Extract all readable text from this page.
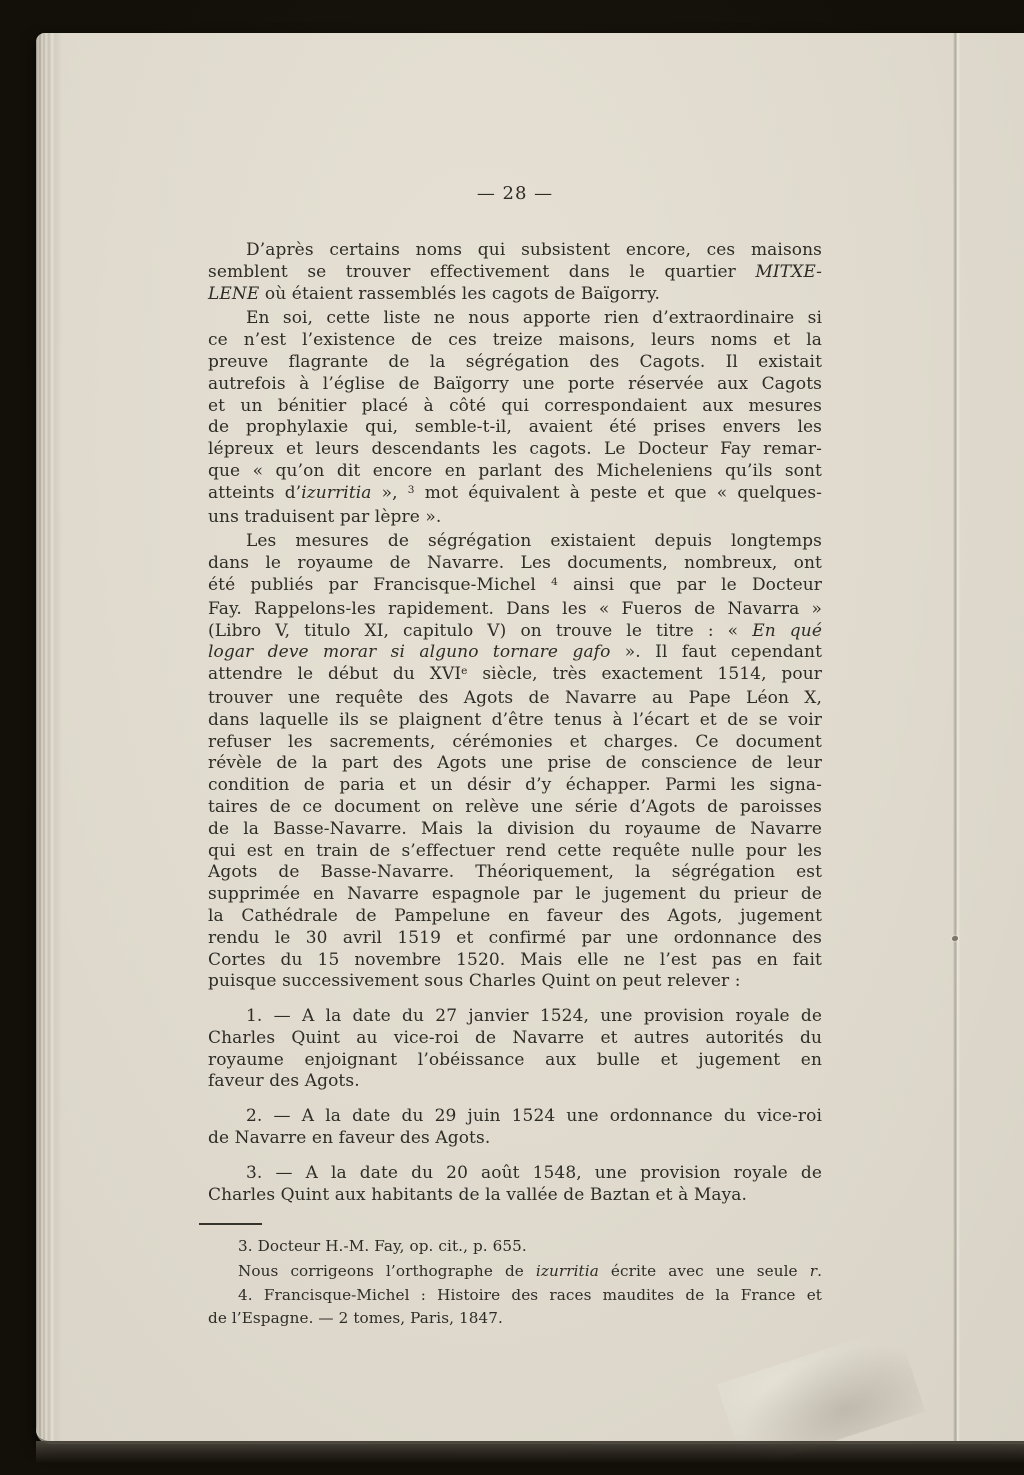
— 28 —
D’après certains noms qui subsistent encore, ces maisons
semblent se trouver effectivement dans le quartier MITXE-
LENE où étaient rassemblés les cagots de Baïgorry.
En soi, cette liste ne nous apporte rien d’extraordinaire si
ce n’est l’existence de ces treize maisons, leurs noms et la
preuve flagrante de la ségrégation des Cagots. Il existait
autrefois à l’église de Baïgorry une porte réservée aux Cagots
et un bénitier placé à côté qui correspondaient aux mesures
de prophylaxie qui, semble-t-il, avaient été prises envers les
lépreux et leurs descendants les cagots. Le Docteur Fay remar-
que « qu’on dit encore en parlant des Micheleniens qu’ils sont
atteints d’izurritia », $^3$ mot équivalent à peste et que « quelques-
uns traduisent par lèpre ».
Les mesures de ségrégation existaient depuis longtemps
dans le royaume de Navarre. Les documents, nombreux, ont
été publiés par Francisque-Michel $^4$ ainsi que par le Docteur
Fay. Rappelons-les rapidement. Dans les « Fueros de Navarra »
(Libro V, titulo XI, capitulo V) on trouve le titre : « En qué
logar deve morar si alguno tornare gafo ». Il faut cependant
attendre le début du XVIe siècle, très exactement 1514, pour
trouver une requête des Agots de Navarre au Pape Léon X,
dans laquelle ils se plaignent d’être tenus à l’écart et de se voir
refuser les sacrements, cérémonies et charges. Ce document
révèle de la part des Agots une prise de conscience de leur
condition de paria et un désir d’y échapper. Parmi les signa-
taires de ce document on relève une série d’Agots de paroisses
de la Basse-Navarre. Mais la division du royaume de Navarre
qui est en train de s’effectuer rend cette requête nulle pour les
Agots de Basse-Navarre. Théoriquement, la ségrégation est
supprimée en Navarre espagnole par le jugement du prieur de
la Cathédrale de Pampelune en faveur des Agots, jugement
rendu le 30 avril 1519 et confirmé par une ordonnance des
Cortes du 15 novembre 1520. Mais elle ne l’est pas en fait
puisque successivement sous Charles Quint on peut relever :
1. — A la date du 27 janvier 1524, une provision royale de
Charles Quint au vice-roi de Navarre et autres autorités du
royaume enjoignant l’obéissance aux bulle et jugement en
faveur des Agots.
2. — A la date du 29 juin 1524 une ordonnance du vice-roi
de Navarre en faveur des Agots.
3. — A la date du 20 août 1548, une provision royale de
Charles Quint aux habitants de la vallée de Baztan et à Maya.
3. Docteur H.-M. Fay, op. cit., p. 655.
Nous corrigeons l’orthographe de izurritia écrite avec une seule r.
4. Francisque-Michel : Histoire des races maudites de la France et
de l’Espagne. — 2 tomes, Paris, 1847.
